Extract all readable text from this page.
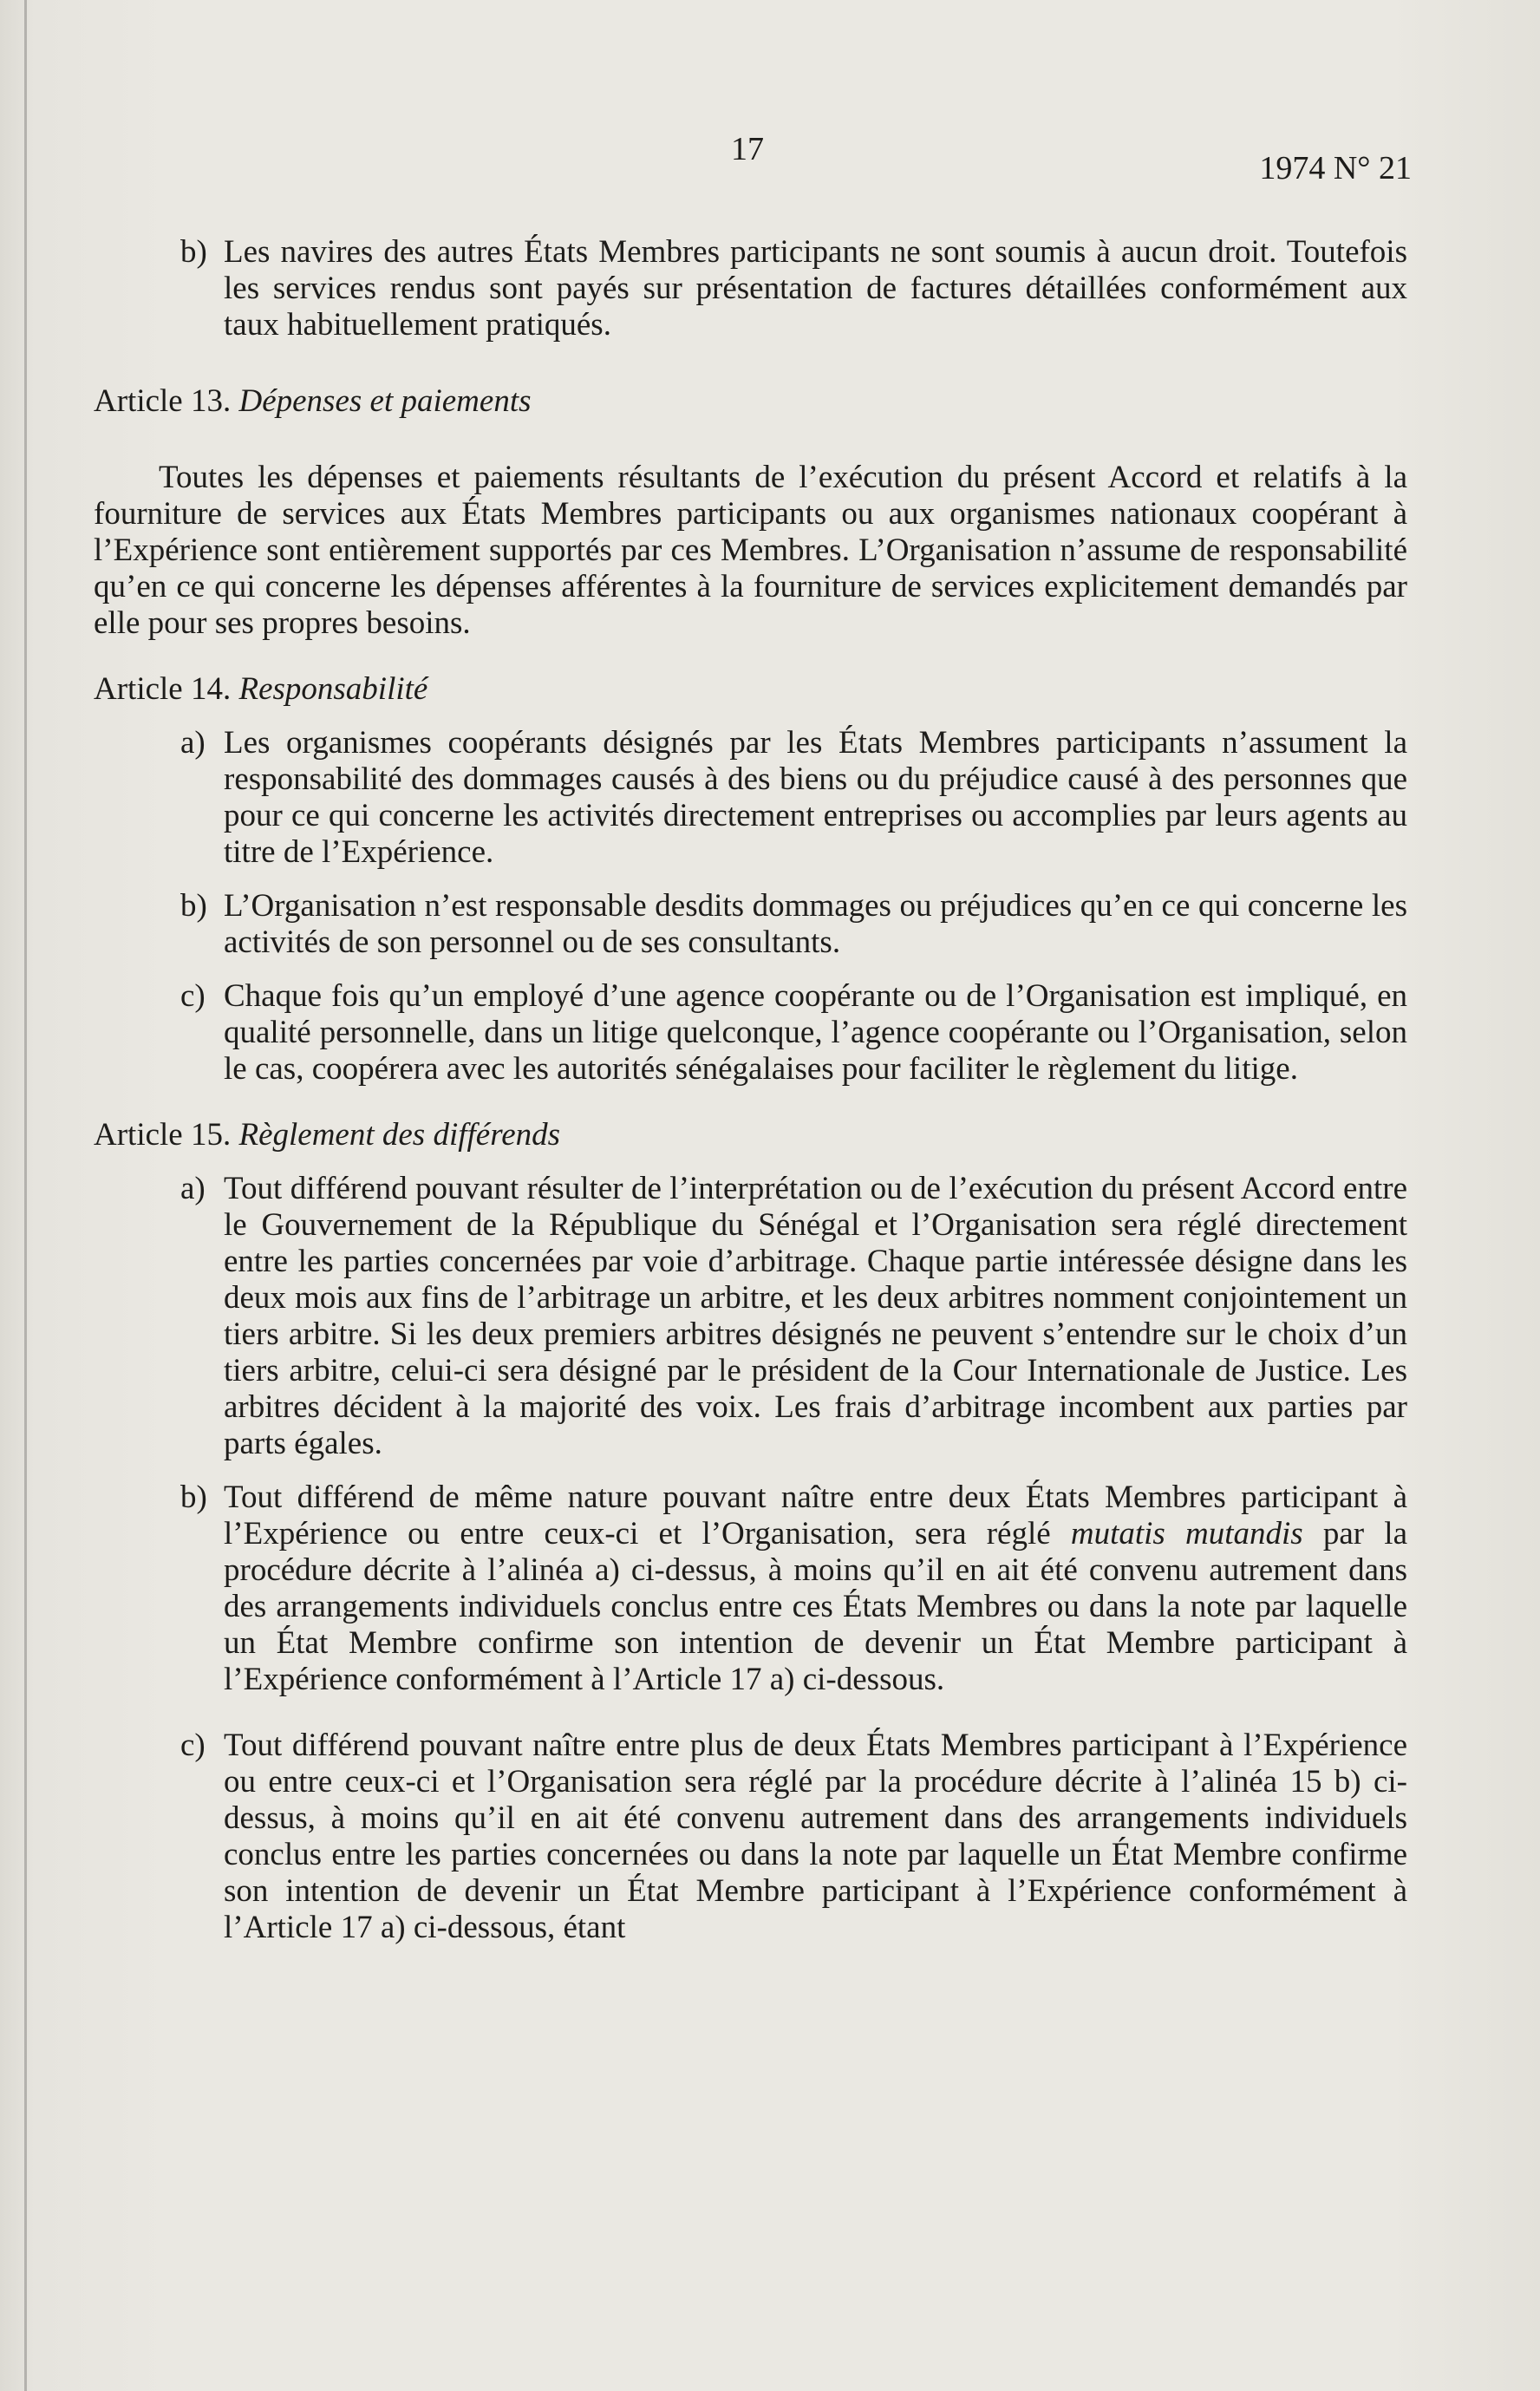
17
1974 N° 21

b) Les navires des autres États Membres participants ne sont soumis à aucun droit. Toutefois les services rendus sont payés sur présentation de factures détaillées conformément aux taux habituellement pratiqués.

Article 13. Dépenses et paiements

Toutes les dépenses et paiements résultants de l’exécution du présent Accord et relatifs à la fourniture de services aux États Membres participants ou aux organismes nationaux coopérant à l’Expérience sont entièrement supportés par ces Membres. L’Organisation n’assume de responsabilité qu’en ce qui concerne les dépenses afférentes à la fourniture de services explicitement demandés par elle pour ses propres besoins.

Article 14. Responsabilité

a) Les organismes coopérants désignés par les États Membres participants n’assument la responsabilité des dommages causés à des biens ou du préjudice causé à des personnes que pour ce qui concerne les activités directement entreprises ou accomplies par leurs agents au titre de l’Expérience.

b) L’Organisation n’est responsable desdits dommages ou préjudices qu’en ce qui concerne les activités de son personnel ou de ses consultants.

c) Chaque fois qu’un employé d’une agence coopérante ou de l’Organisation est impliqué, en qualité personnelle, dans un litige quelconque, l’agence coopérante ou l’Organisation, selon le cas, coopérera avec les autorités sénégalaises pour faciliter le règlement du litige.

Article 15. Règlement des différends

a) Tout différend pouvant résulter de l’interprétation ou de l’exécution du présent Accord entre le Gouvernement de la République du Sénégal et l’Organisation sera réglé directement entre les parties concernées par voie d’arbitrage. Chaque partie intéressée désigne dans les deux mois aux fins de l’arbitrage un arbitre, et les deux arbitres nomment conjointement un tiers arbitre. Si les deux premiers arbitres désignés ne peuvent s’entendre sur le choix d’un tiers arbitre, celui-ci sera désigné par le président de la Cour Internationale de Justice. Les arbitres décident à la majorité des voix. Les frais d’arbitrage incombent aux parties par parts égales.

b) Tout différend de même nature pouvant naître entre deux États Membres participant à l’Expérience ou entre ceux-ci et l’Organisation, sera réglé mutatis mutandis par la procédure décrite à l’alinéa a) ci-dessus, à moins qu’il en ait été convenu autrement dans des arrangements individuels conclus entre ces États Membres ou dans la note par laquelle un État Membre confirme son intention de devenir un État Membre participant à l’Expérience conformément à l’Article 17 a) ci-dessous.

c) Tout différend pouvant naître entre plus de deux États Membres participant à l’Expérience ou entre ceux-ci et l’Organisation sera réglé par la procédure décrite à l’alinéa 15 b) ci-dessus, à moins qu’il en ait été convenu autrement dans des arrangements individuels conclus entre les parties concernées ou dans la note par laquelle un État Membre confirme son intention de devenir un État Membre participant à l’Expérience conformément à l’Article 17 a) ci-dessous, étant
